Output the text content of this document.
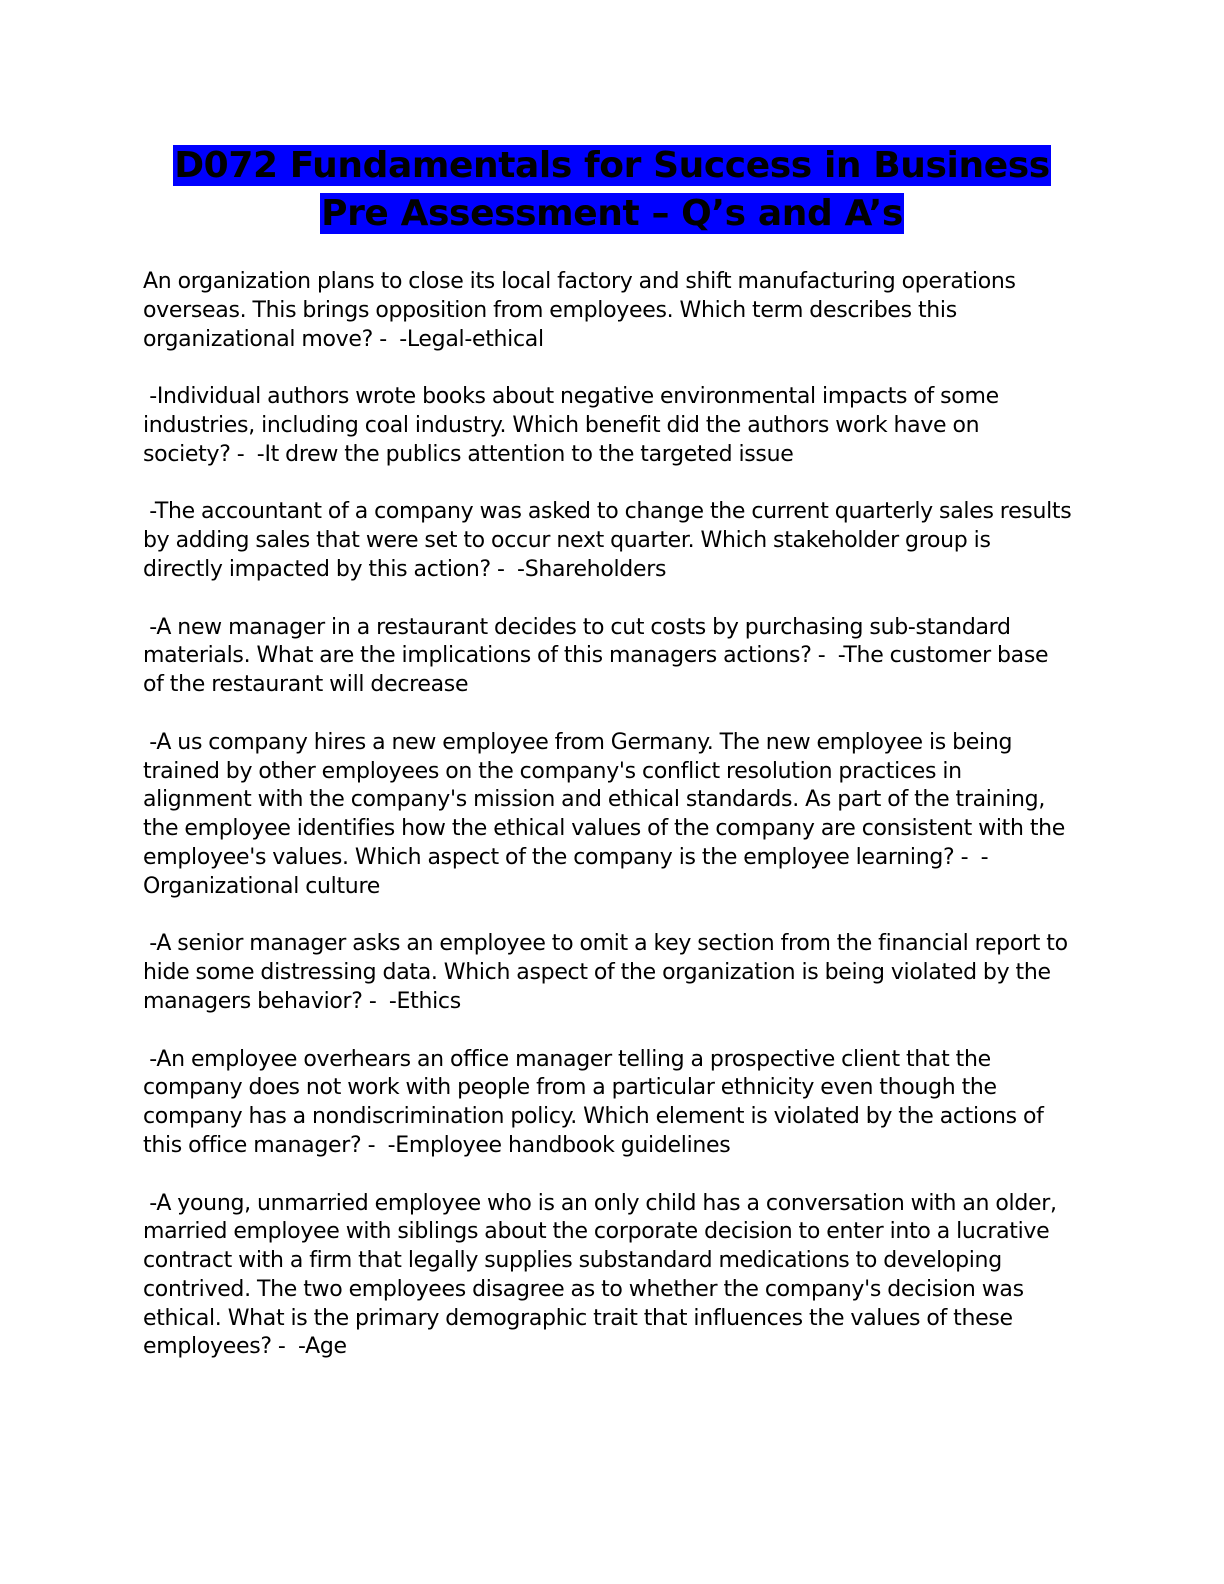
D072 Fundamentals for Success in Business
Pre Assessment – Q’s and A’s

An organization plans to close its local factory and shift manufacturing operations overseas. This brings opposition from employees. Which term describes this organizational move? -  -Legal-ethical

-Individual authors wrote books about negative environmental impacts of some industries, including coal industry. Which benefit did the authors work have on society? -  -It drew the publics attention to the targeted issue

-The accountant of a company was asked to change the current quarterly sales results by adding sales that were set to occur next quarter. Which stakeholder group is directly impacted by this action? -  -Shareholders

-A new manager in a restaurant decides to cut costs by purchasing sub-standard materials. What are the implications of this managers actions? -  -The customer base of the restaurant will decrease

-A us company hires a new employee from Germany. The new employee is being trained by other employees on the company's conflict resolution practices in alignment with the company's mission and ethical standards. As part of the training, the employee identifies how the ethical values of the company are consistent with the employee's values. Which aspect of the company is the employee learning? -  -Organizational culture

-A senior manager asks an employee to omit a key section from the financial report to hide some distressing data. Which aspect of the organization is being violated by the managers behavior? -  -Ethics

-An employee overhears an office manager telling a prospective client that the company does not work with people from a particular ethnicity even though the company has a nondiscrimination policy. Which element is violated by the actions of this office manager? -  -Employee handbook guidelines

-A young, unmarried employee who is an only child has a conversation with an older, married employee with siblings about the corporate decision to enter into a lucrative contract with a firm that legally supplies substandard medications to developing contrived. The two employees disagree as to whether the company's decision was ethical. What is the primary demographic trait that influences the values of these employees? -  -Age
